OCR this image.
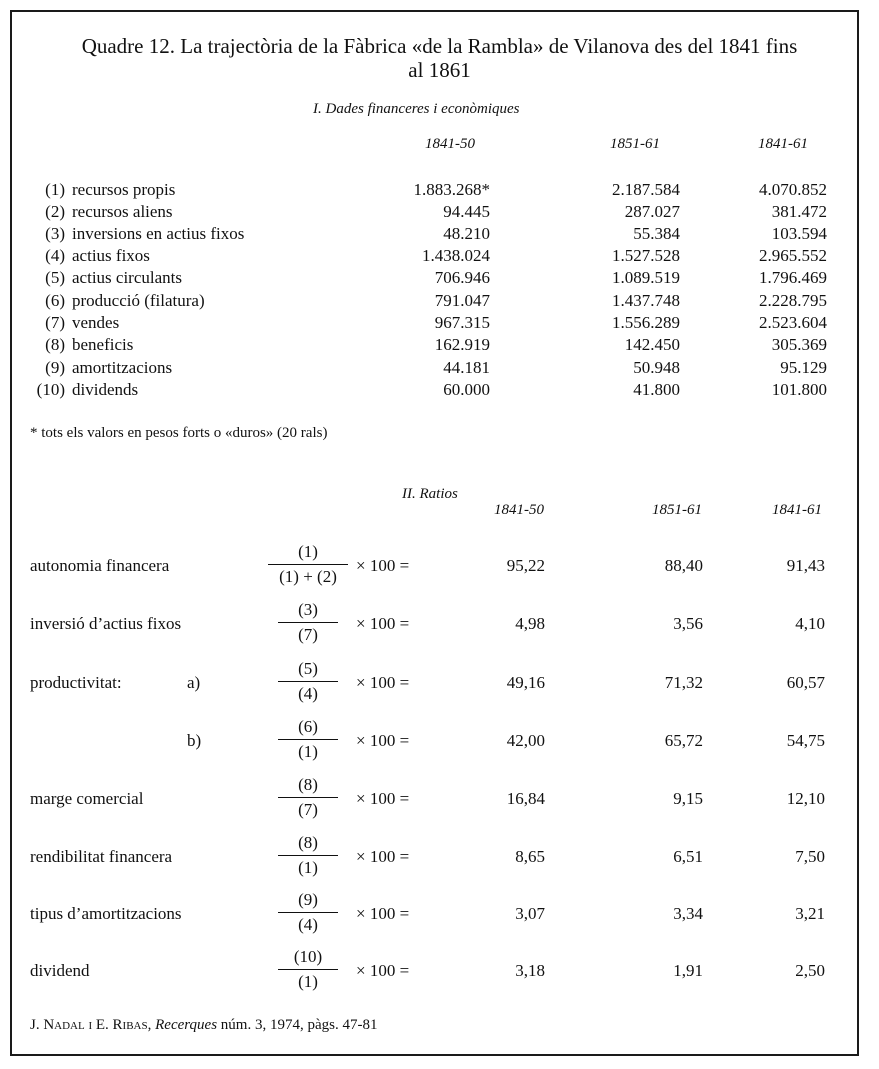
Quadre 12. La trajectòria de la Fàbrica «de la Rambla» de Vilanova des del 1841 fins
al 1861
I. Dades financeres i econòmiques
1841-50	1851-61	1841-61
(1) recursos propis	1.883.268*	2.187.584	4.070.852
(2) recursos aliens	94.445	287.027	381.472
(3) inversions en actius fixos	48.210	55.384	103.594
(4) actius fixos	1.438.024	1.527.528	2.965.552
(5) actius circulants	706.946	1.089.519	1.796.469
(6) producció (filatura)	791.047	1.437.748	2.228.795
(7) vendes	967.315	1.556.289	2.523.604
(8) beneficis	162.919	142.450	305.369
(9) amortitzacions	44.181	50.948	95.129
(10) dividends	60.000	41.800	101.800
* tots els valors en pesos forts o «duros» (20 rals)
II. Ratios
1841-50	1851-61	1841-61
autonomia financera
(1)
(1) + (2)
× 100 =	95,22	88,40	91,43
inversió d’actius fixos
(3)
(7)
× 100 =	4,98	3,56	4,10
productivitat:	a)
(5)
(4)
× 100 =	49,16	71,32	60,57
b)
(6)
(1)
× 100 =	42,00	65,72	54,75
marge comercial
(8)
(7)
× 100 =	16,84	9,15	12,10
rendibilitat financera
(8)
(1)
× 100 =	8,65	6,51	7,50
tipus d’amortitzacions
(9)
(4)
× 100 =	3,07	3,34	3,21
dividend
(10)
(1)
× 100 =	3,18	1,91	2,50
J. Nadal i E. Ribas, Recerques núm. 3, 1974, pàgs. 47-81
